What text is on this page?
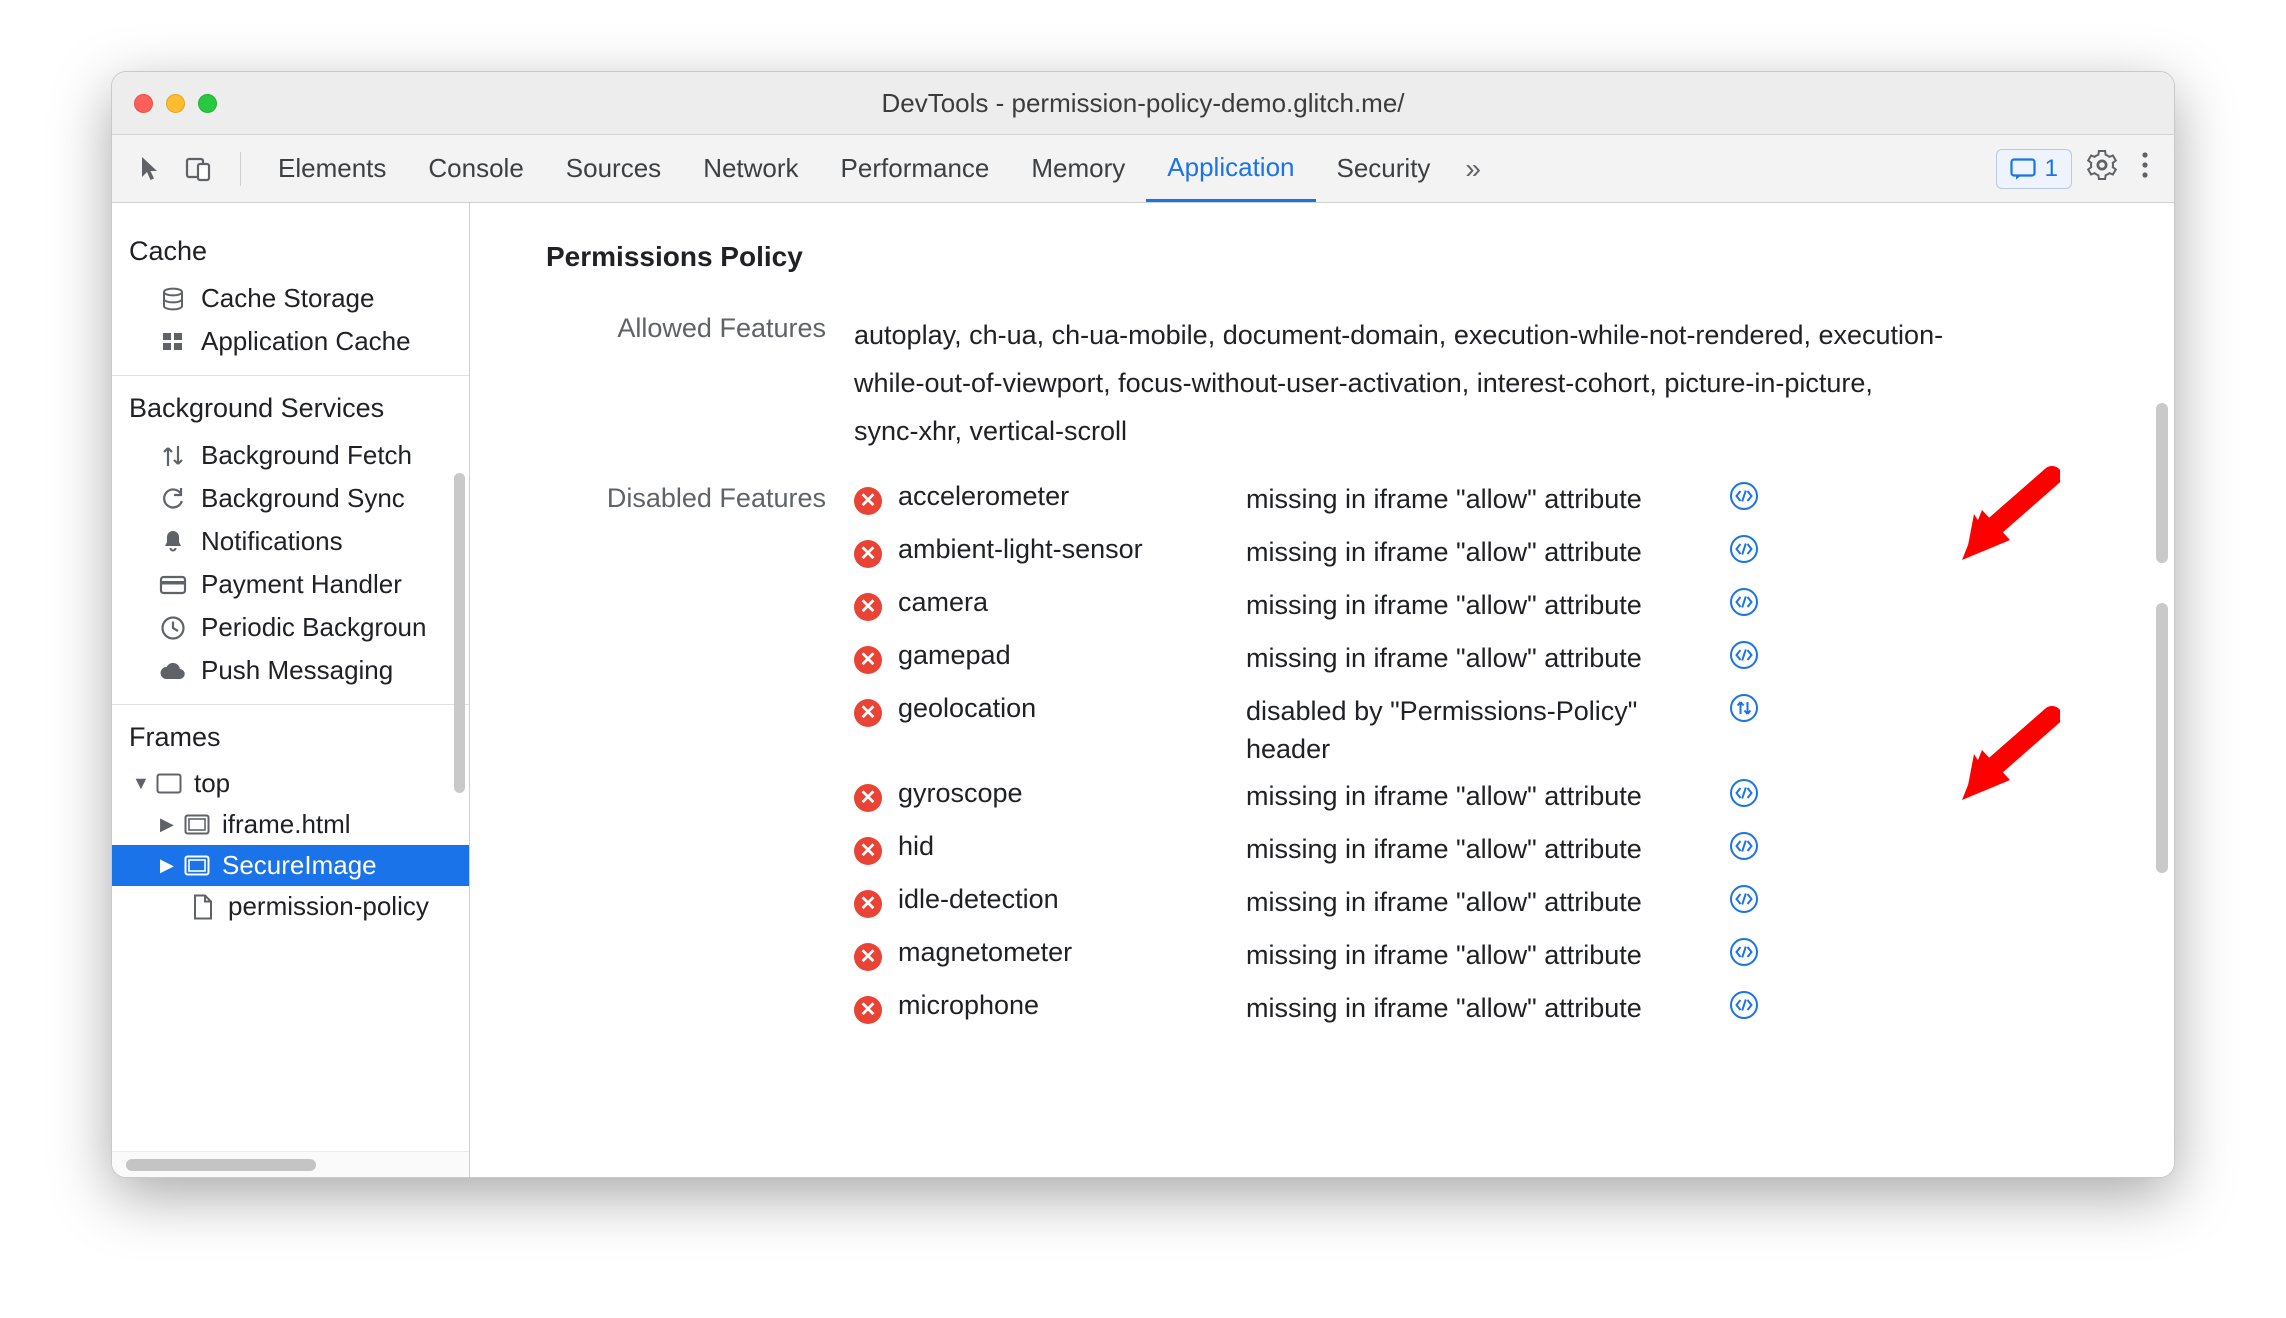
DevTools - permission-policy-demo.glitch.me/
Elements	Console	Sources	Network	Performance	Memory	Application	Security	»	1
Cache
Cache Storage
Application Cache
Background Services
Background Fetch
Background Sync
Notifications
Payment Handler
Periodic Backgroun
Push Messaging
Frames
▼ top
▶	iframe.html
▶	SecureImage
permission-policy
Permissions Policy
Allowed Features	autoplay, ch-ua, ch-ua-mobile, document-domain, execution-while-not-rendered, execution-while-out-of-viewport, focus-without-user-activation, interest-cohort, picture-in-picture, sync-xhr, vertical-scroll
Disabled Features	✕ accelerometer	missing in iframe "allow" attribute
✕ ambient-light-sensor	missing in iframe "allow" attribute
✕ camera	missing in iframe "allow" attribute
✕ gamepad	missing in iframe "allow" attribute
✕ geolocation	disabled by "Permissions-Policy" header
✕ gyroscope	missing in iframe "allow" attribute
✕ hid	missing in iframe "allow" attribute
✕ idle-detection	missing in iframe "allow" attribute
✕ magnetometer	missing in iframe "allow" attribute
✕ microphone	missing in iframe "allow" attribute
